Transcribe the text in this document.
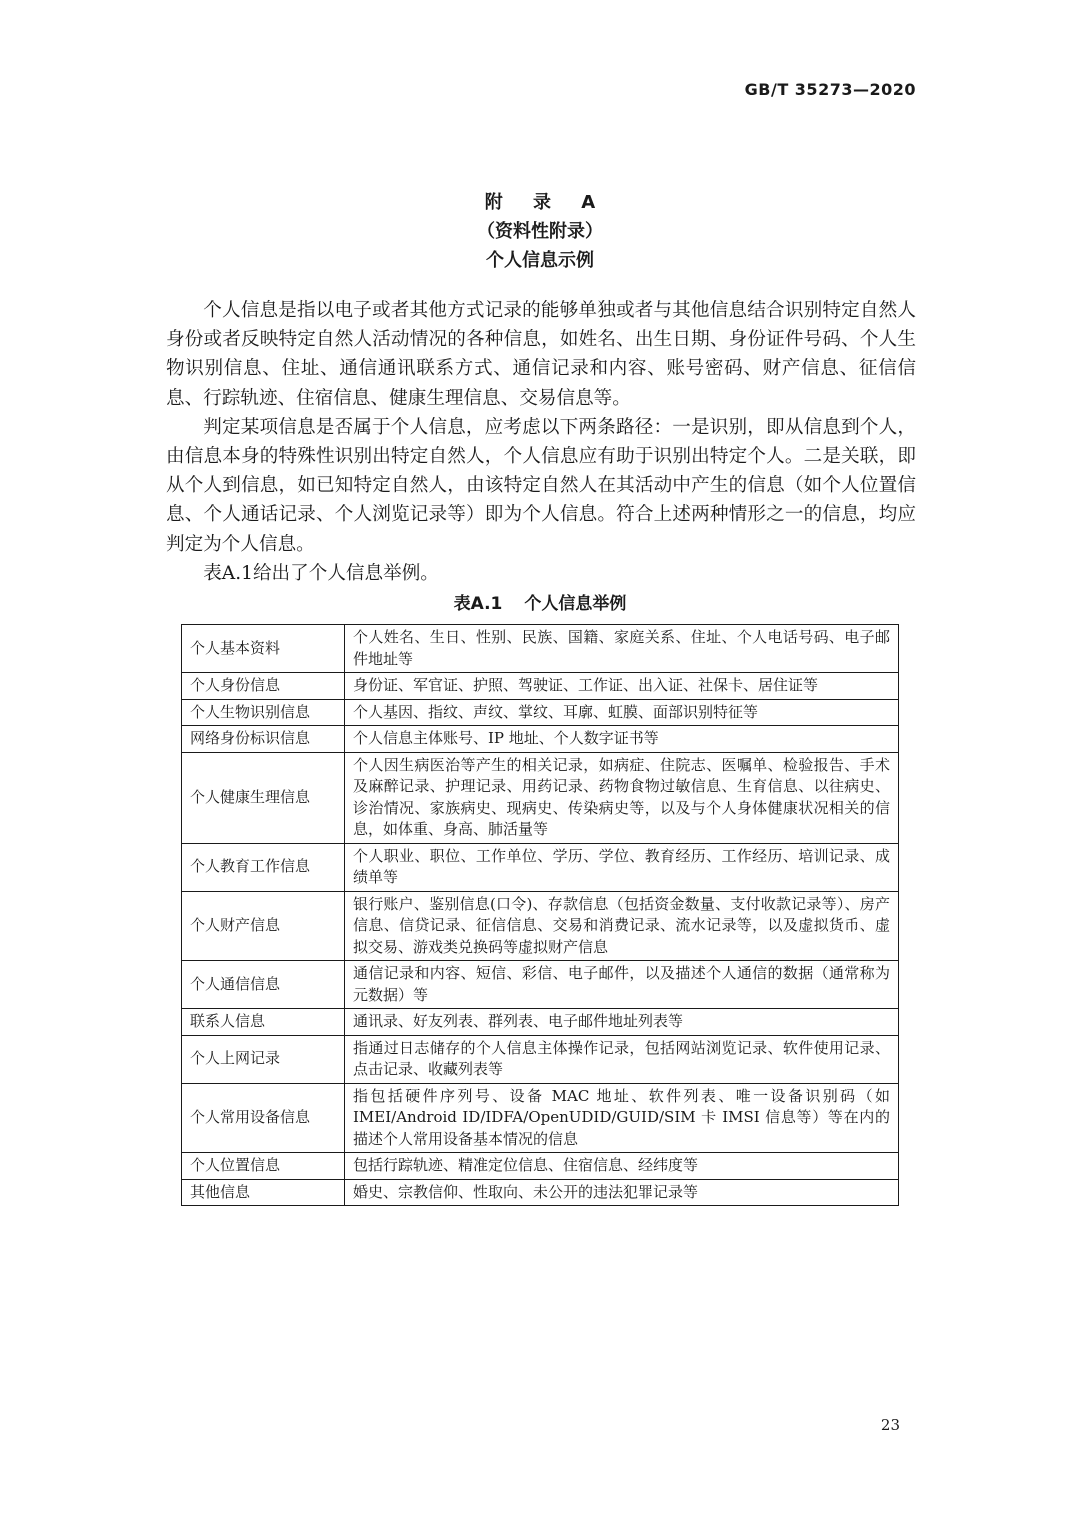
GB/T 35273—2020
附 录 A
（资料性附录）
个人信息示例

个人信息是指以电子或者其他方式记录的能够单独或者与其他信息结合识别特定自然人身份或者反映特定自然人活动情况的各种信息，如姓名、出生日期、身份证件号码、个人生物识别信息、住址、通信通讯联系方式、通信记录和内容、账号密码、财产信息、征信信息、行踪轨迹、住宿信息、健康生理信息、交易信息等。

判定某项信息是否属于个人信息，应考虑以下两条路径：一是识别，即从信息到个人，由信息本身的特殊性识别出特定自然人，个人信息应有助于识别出特定个人。二是关联，即从个人到信息，如已知特定自然人，由该特定自然人在其活动中产生的信息（如个人位置信息、个人通话记录、个人浏览记录等）即为个人信息。符合上述两种情形之一的信息，均应判定为个人信息。

表A.1给出了个人信息举例。

表A.1 个人信息举例
个人基本资料	个人姓名、生日、性别、民族、国籍、家庭关系、住址、个人电话号码、电子邮件地址等
个人身份信息	身份证、军官证、护照、驾驶证、工作证、出入证、社保卡、居住证等
个人生物识别信息	个人基因、指纹、声纹、掌纹、耳廓、虹膜、面部识别特征等
网络身份标识信息	个人信息主体账号、IP 地址、个人数字证书等
个人健康生理信息	个人因生病医治等产生的相关记录，如病症、住院志、医嘱单、检验报告、手术及麻醉记录、护理记录、用药记录、药物食物过敏信息、生育信息、以往病史、诊治情况、家族病史、现病史、传染病史等，以及与个人身体健康状况相关的信息，如体重、身高、肺活量等
个人教育工作信息	个人职业、职位、工作单位、学历、学位、教育经历、工作经历、培训记录、成绩单等
个人财产信息	银行账户、鉴别信息(口令)、存款信息（包括资金数量、支付收款记录等）、房产信息、信贷记录、征信信息、交易和消费记录、流水记录等，以及虚拟货币、虚拟交易、游戏类兑换码等虚拟财产信息
个人通信信息	通信记录和内容、短信、彩信、电子邮件，以及描述个人通信的数据（通常称为元数据）等
联系人信息	通讯录、好友列表、群列表、电子邮件地址列表等
个人上网记录	指通过日志储存的个人信息主体操作记录，包括网站浏览记录、软件使用记录、点击记录、收藏列表等
个人常用设备信息	指包括硬件序列号、设备 MAC 地址、软件列表、唯一设备识别码（如 IMEI/Android ID/IDFA/OpenUDID/GUID/SIM 卡 IMSI 信息等）等在内的描述个人常用设备基本情况的信息
个人位置信息	包括行踪轨迹、精准定位信息、住宿信息、经纬度等
其他信息	婚史、宗教信仰、性取向、未公开的违法犯罪记录等
23
